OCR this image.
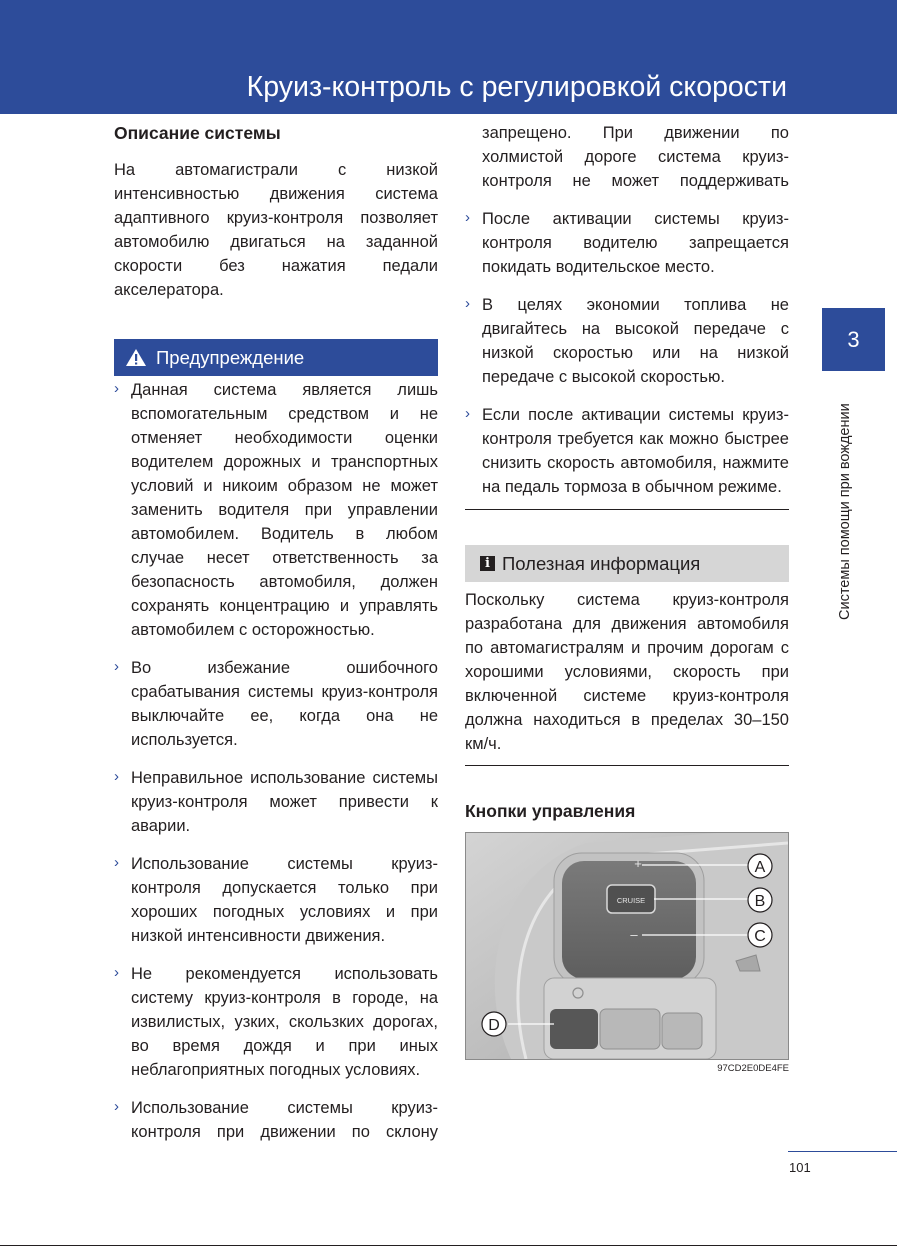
Круиз-контроль с регулировкой скорости
Описание системы

На автомагистрали с низкой интенсивностью движения система адаптивного круиз-контроля позволяет автомобилю двигаться на заданной скорости без нажатия педали акселератора.

Предупреждение
› Данная система является лишь вспомогательным средством и не отменяет необходимости оценки водителем дорожных и транспортных условий и никоим образом не может заменить водителя при управлении автомобилем. Водитель в любом случае несет ответственность за безопасность автомобиля, должен сохранять концентрацию и управлять автомобилем с осторожностью.
› Во избежание ошибочного срабатывания системы круиз-контроля выключайте ее, когда она не используется.
› Неправильное использование системы круиз-контроля может привести к аварии.
› Использование системы круиз-контроля допускается только при хороших погодных условиях и при низкой интенсивности движения.
› Не рекомендуется использовать систему круиз-контроля в городе, на извилистых, узких, скользких дорогах, во время дождя и при иных неблагоприятных погодных условиях.
› Использование системы круиз-контроля при движении по склону
запрещено. При движении по холмистой дороге система круиз-контроля не может поддерживать
› После активации системы круиз-контроля водителю запрещается покидать водительское место.
› В целях экономии топлива не двигайтесь на высокой передаче с низкой скоростью или на низкой передаче с высокой скоростью.
› Если после активации системы круиз-контроля требуется как можно быстрее снизить скорость автомобиля, нажмите на педаль тормоза в обычном режиме.
i Полезная информация

Поскольку система круиз-контроля разработана для движения автомобиля по автомагистралям и прочим дорогам с хорошими условиями, скорость при включенной системе круиз-контроля должна находиться в пределах 30–150 км/ч.

Кнопки управления
CRUISE
+
–
A
B
C
D
97CD2E0DE4FE
3
Системы помощи при вождении
101
